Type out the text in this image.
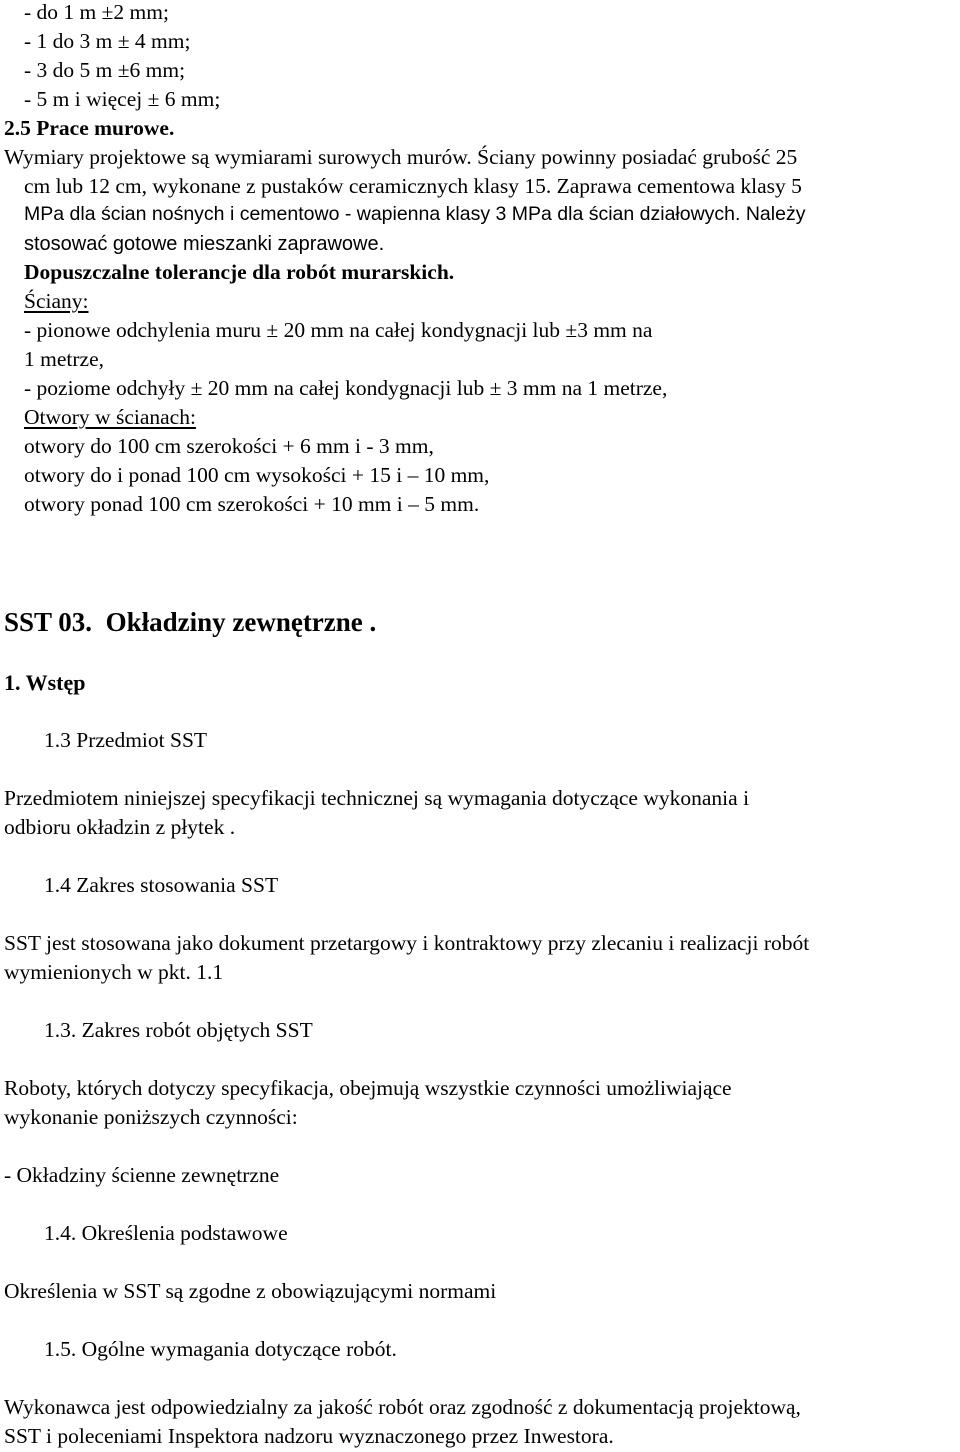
- do 1 m ±2 mm;
- 1 do 3 m ± 4 mm;
- 3 do 5 m ±6 mm;
- 5 m i więcej ± 6 mm;
2.5 Prace murowe.
Wymiary projektowe są wymiarami surowych murów. Ściany powinny posiadać grubość 25
cm lub 12 cm, wykonane z pustaków ceramicznych klasy 15. Zaprawa cementowa klasy 5
MPa dla ścian nośnych i cementowo - wapienna klasy 3 MPa dla ścian działowych. Należy
stosować gotowe mieszanki zaprawowe.
Dopuszczalne tolerancje dla robót murarskich.
Ściany:
- pionowe odchylenia muru ± 20 mm na całej kondygnacji lub ±3 mm na
1 metrze,
- poziome odchyły ± 20 mm na całej kondygnacji lub ± 3 mm na 1 metrze,
Otwory w ścianach:
otwory do 100 cm szerokości + 6 mm i - 3 mm,
otwory do i ponad 100 cm wysokości + 15 i – 10 mm,
otwory ponad 100 cm szerokości + 10 mm i – 5 mm.
SST 03. Okładziny zewnętrzne .
1. Wstęp
1.3 Przedmiot SST
Przedmiotem niniejszej specyfikacji technicznej są wymagania dotyczące wykonania i
odbioru okładzin z płytek .
1.4 Zakres stosowania SST
SST jest stosowana jako dokument przetargowy i kontraktowy przy zlecaniu i realizacji robót
wymienionych w pkt. 1.1
1.3. Zakres robót objętych SST
Roboty, których dotyczy specyfikacja, obejmują wszystkie czynności umożliwiające
wykonanie poniższych czynności:
- Okładziny ścienne zewnętrzne
1.4. Określenia podstawowe
Określenia w SST są zgodne z obowiązującymi normami
1.5. Ogólne wymagania dotyczące robót.
Wykonawca jest odpowiedzialny za jakość robót oraz zgodność z dokumentacją projektową,
SST i poleceniami Inspektora nadzoru wyznaczonego przez Inwestora.
